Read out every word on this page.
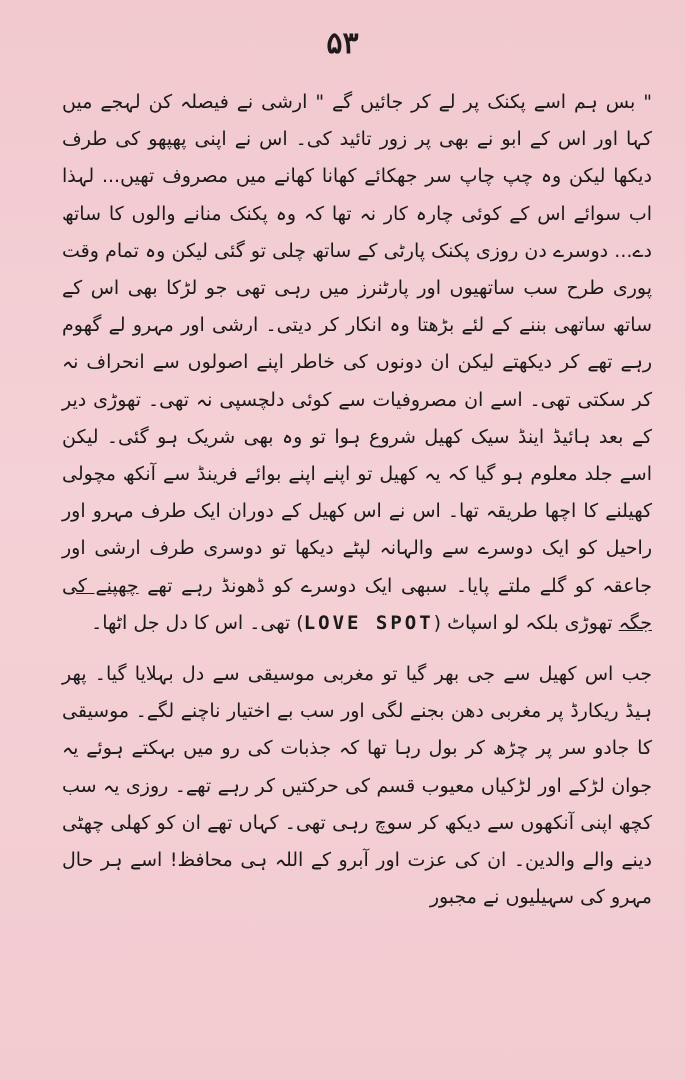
۵۳

" بس ہم اسے پکنک پر لے کر جائیں گے " ارشی نے فیصلہ کن لہجے میں کہا اور اس کے ابو نے بھی پر زور تائید کی۔ اس نے اپنی پھپھو کی طرف دیکھا لیکن وہ چپ چاپ سر جھکائے کھانا کھانے میں مصروف تھیں... لہذا اب سوائے اس کے کوئی چارہ کار نہ تھا کہ وہ پکنک منانے والوں کا ساتھ دے... دوسرے دن روزی پکنک پارٹی کے ساتھ چلی تو گئی لیکن وہ تمام وقت پوری طرح سب ساتھیوں اور پارٹنرز میں رہی تھی جو لڑکا بھی اس کے ساتھ ساتھی بننے کے لئے بڑھتا وہ انکار کر دیتی۔ ارشی اور مہرو لے گھوم رہے تھے کر دیکھتے لیکن ان دونوں کی خاطر اپنے اصولوں سے انحراف نہ کر سکتی تھی۔ اسے ان مصروفیات سے کوئی دلچسپی نہ تھی۔ تھوڑی دیر کے بعد ہائیڈ اینڈ سیک کھیل شروع ہوا تو وہ بھی شریک ہو گئی۔ لیکن اسے جلد معلوم ہو گیا کہ یہ کھیل تو اپنے اپنے بوائے فرینڈ سے آنکھ مچولی کھیلنے کا اچھا طریقہ تھا۔ اس نے اس کھیل کے دوران ایک طرف مہرو اور راحیل کو ایک دوسرے سے والہانہ لپٹے دیکھا تو دوسری طرف ارشی اور جاعقہ کو گلے ملتے پایا۔ سبھی ایک دوسرے کو ڈھونڈ رہے تھے چھپنے کی جگہ تھوڑی بلکہ لو اسپاٹ (LOVE SPOT) تھی۔ اس کا دل جل اٹھا۔

جب اس کھیل سے جی بھر گیا تو مغربی موسیقی سے دل بہلایا گیا۔ پھر ہیڈ ریکارڈ پر مغربی دھن بجنے لگی اور سب بے اختیار ناچنے لگے۔ موسیقی کا جادو سر پر چڑھ کر بول رہا تھا کہ جذبات کی رو میں بہکتے ہوئے یہ جوان لڑکے اور لڑکیاں معیوب قسم کی حرکتیں کر رہے تھے۔ روزی یہ سب کچھ اپنی آنکھوں سے دیکھ کر سوچ رہی تھی۔ کہاں تھے ان کو کھلی چھٹی دینے والے والدین۔ ان کی عزت اور آبرو کے اللہ ہی محافظ! اسے ہر حال مہرو کی سہیلیوں نے مجبور
